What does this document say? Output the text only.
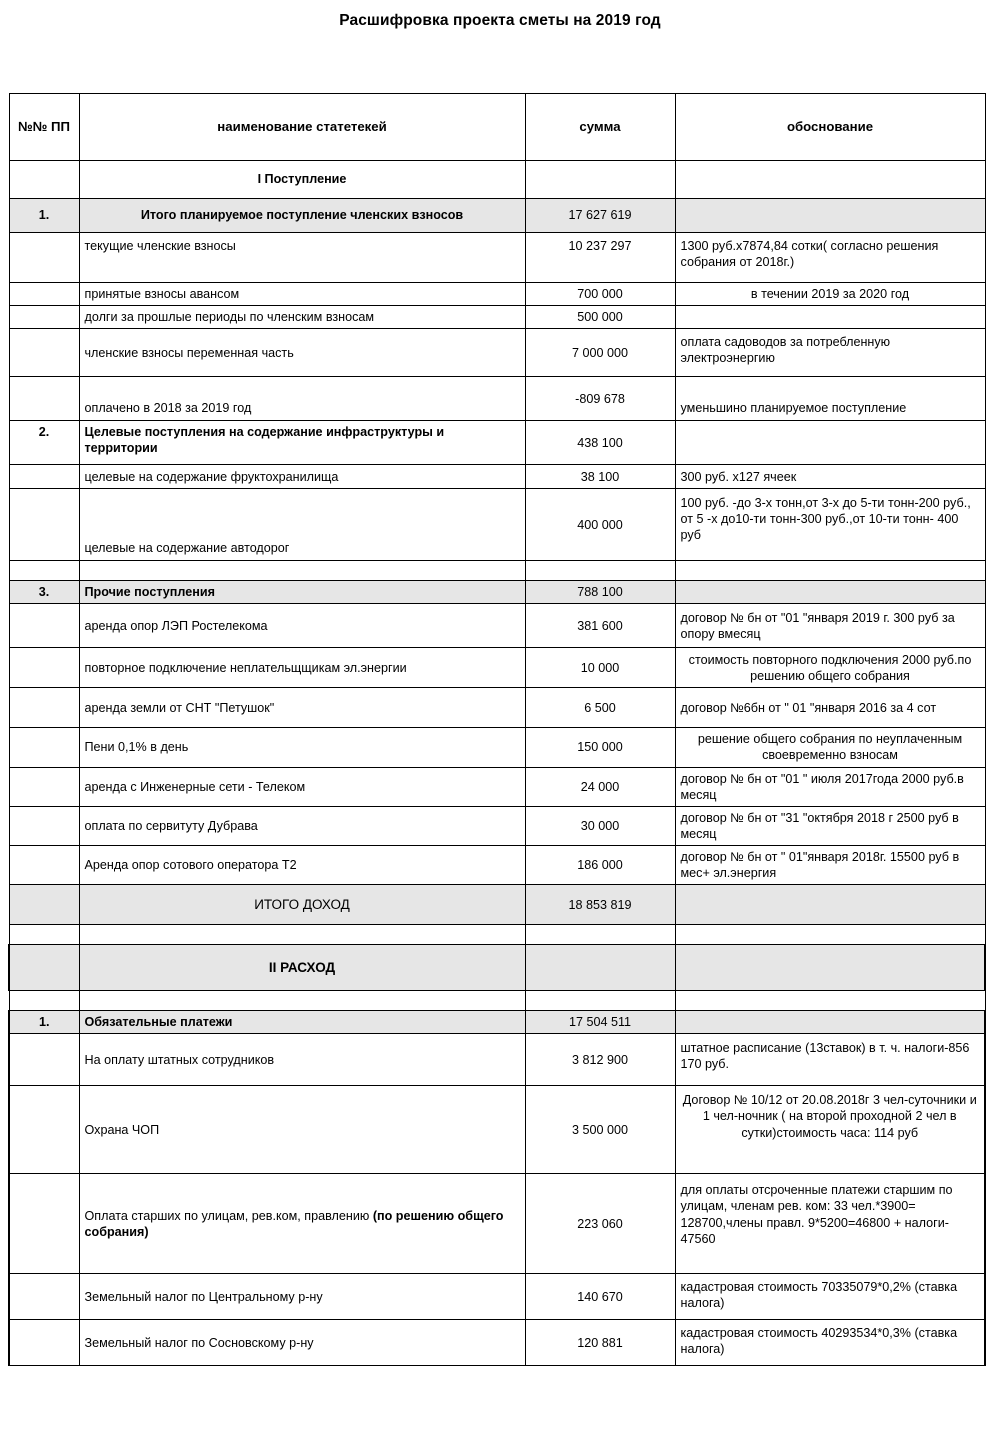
Расшифровка проекта сметы на 2019 год
№№ ПП	наименование статетекей	сумма	обоснование
	I Поступление		
1.	Итого планируемое поступление членских взносов	17 627 619	
	текущие членские взносы	10 237 297	1300 руб.х7874,84 сотки( согласно решения собрания от 2018г.)
	принятые взносы авансом	700 000	в течении 2019 за 2020 год
	долги за прошлые периоды по членским взносам	500 000	
	членские взносы переменная часть	7 000 000	оплата садоводов за потребленную электроэнергию
	оплачено в 2018 за 2019 год	-809 678	уменьшино планируемое поступление
2.	Целевые поступления на содержание инфраструктуры и территории	438 100	
	целевые на содержание фруктохранилища	38 100	300 руб. х127 ячеек
	целевые на содержание автодорог	400 000	100 руб. -до 3-х тонн,от 3-х до 5-ти тонн-200 руб., от 5 -х до10-ти тонн-300 руб.,от 10-ти тонн- 400 руб

3.	Прочие поступления	788 100	
	аренда опор ЛЭП Ростелекома	381 600	договор № бн от "01 "января 2019 г. 300 руб за опору вмесяц
	повторное подключение неплательщщикам эл.энергии	10 000	стоимость повторного подключения 2000 руб.по решению общего собрания
	аренда земли от СНТ "Петушок"	6 500	договор №6бн от " 01 "января 2016 за 4 сот
	Пени 0,1% в день	150 000	решение общего собрания по неуплаченным своевременно взносам
	аренда с Инженерные сети - Телеком	24 000	договор № бн от "01 " июля 2017года 2000 руб.в месяц
	оплата по сервитуту Дубрава	30 000	договор № бн от "31 "октября 2018 г 2500 руб в месяц
	Аренда опор сотового оператора Т2	186 000	договор № бн от " 01"января 2018г. 15500 руб в мес+ эл.энергия
	ИТОГО ДОХОД	18 853 819	

	II РАСХОД		

1.	Обязательные платежи	17 504 511	
	На оплату штатных сотрудников	3 812 900	штатное расписание (13ставок) в т. ч. налоги-856 170 руб.
	Охрана ЧОП	3 500 000	Договор № 10/12 от 20.08.2018г 3 чел-суточники и 1 чел-ночник ( на второй проходной 2 чел в сутки)стоимость часа: 114 руб
	Оплата старших по улицам, рев.ком, правлению (по решению общего собрания)	223 060	для оплаты отсроченные платежи старшим по улицам, членам рев. ком: 33 чел.*3900= 128700,члены правл. 9*5200=46800 + налоги- 47560
	Земельный налог по Центральному р-ну	140 670	кадастровая стоимость 70335079*0,2% (ставка налога)
	Земельный налог по Сосновскому р-ну	120 881	кадастровая стоимость 40293534*0,3% (ставка налога)
